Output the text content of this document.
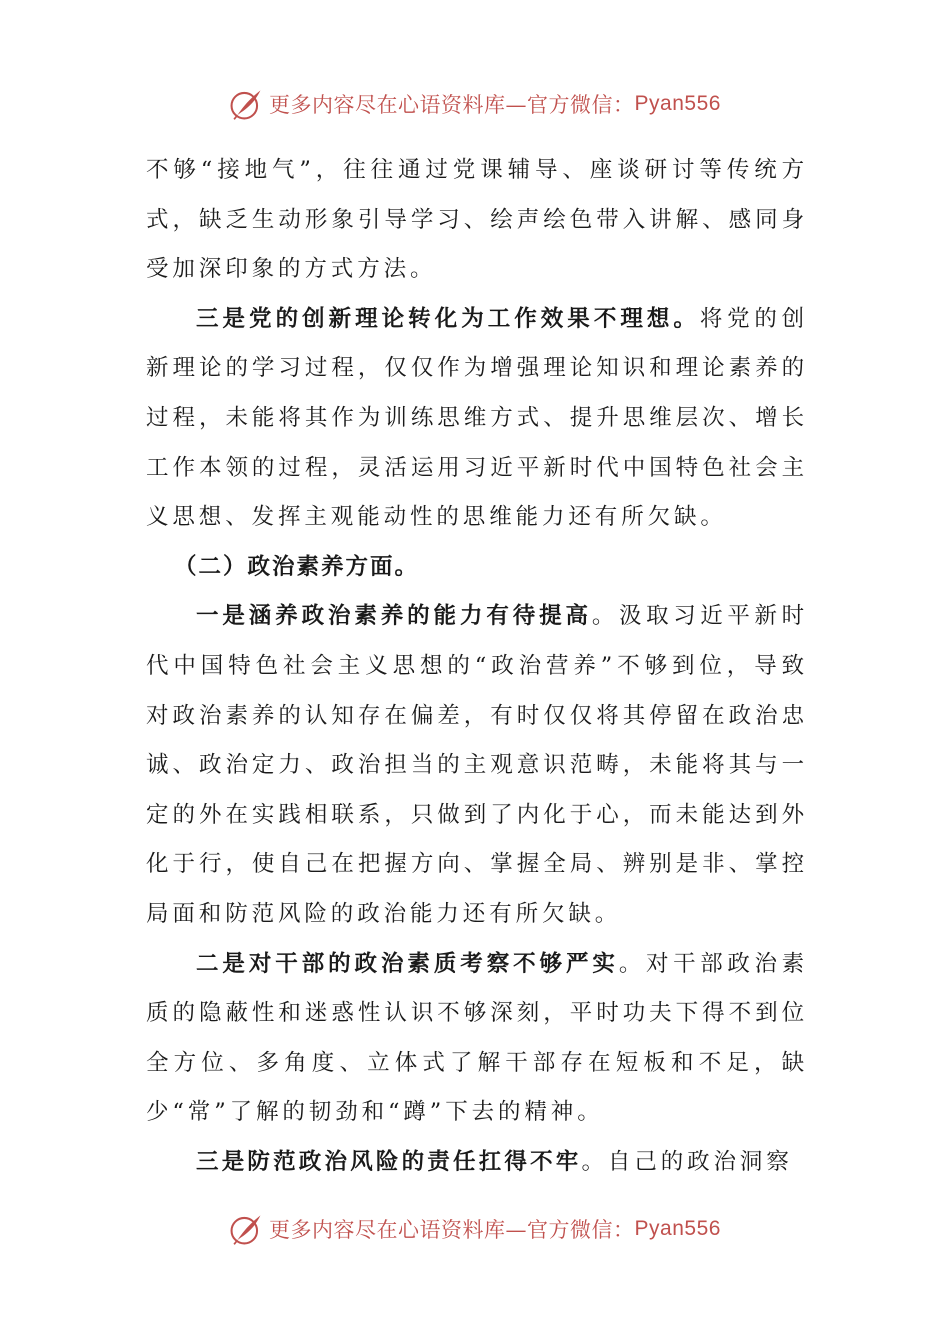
更多内容尽在心语资料库—官方微信： Pyan556

不够“接地气”，往往通过党课辅导、座谈研讨等传统方式，缺乏生动形象引导学习、绘声绘色带入讲解、感同身受加深印象的方式方法。

三是党的创新理论转化为工作效果不理想。将党的创新理论的学习过程，仅仅作为增强理论知识和理论素养的过程，未能将其作为训练思维方式、提升思维层次、增长工作本领的过程，灵活运用习近平新时代中国特色社会主义思想、发挥主观能动性的思维能力还有所欠缺。

（二）政治素养方面。

一是涵养政治素养的能力有待提高。汲取习近平新时代中国特色社会主义思想的“政治营养”不够到位，导致对政治素养的认知存在偏差，有时仅仅将其停留在政治忠诚、政治定力、政治担当的主观意识范畴，未能将其与一定的外在实践相联系，只做到了内化于心，而未能达到外化于行，使自己在把握方向、掌握全局、辨别是非、掌控局面和防范风险的政治能力还有所欠缺。

二是对干部的政治素质考察不够严实。对干部政治素质的隐蔽性和迷惑性认识不够深刻，平时功夫下得不到位全方位、多角度、立体式了解干部存在短板和不足，缺少“常”了解的韧劲和“蹲”下去的精神。

三是防范政治风险的责任扛得不牢。自己的政治洞察

更多内容尽在心语资料库—官方微信： Pyan556
